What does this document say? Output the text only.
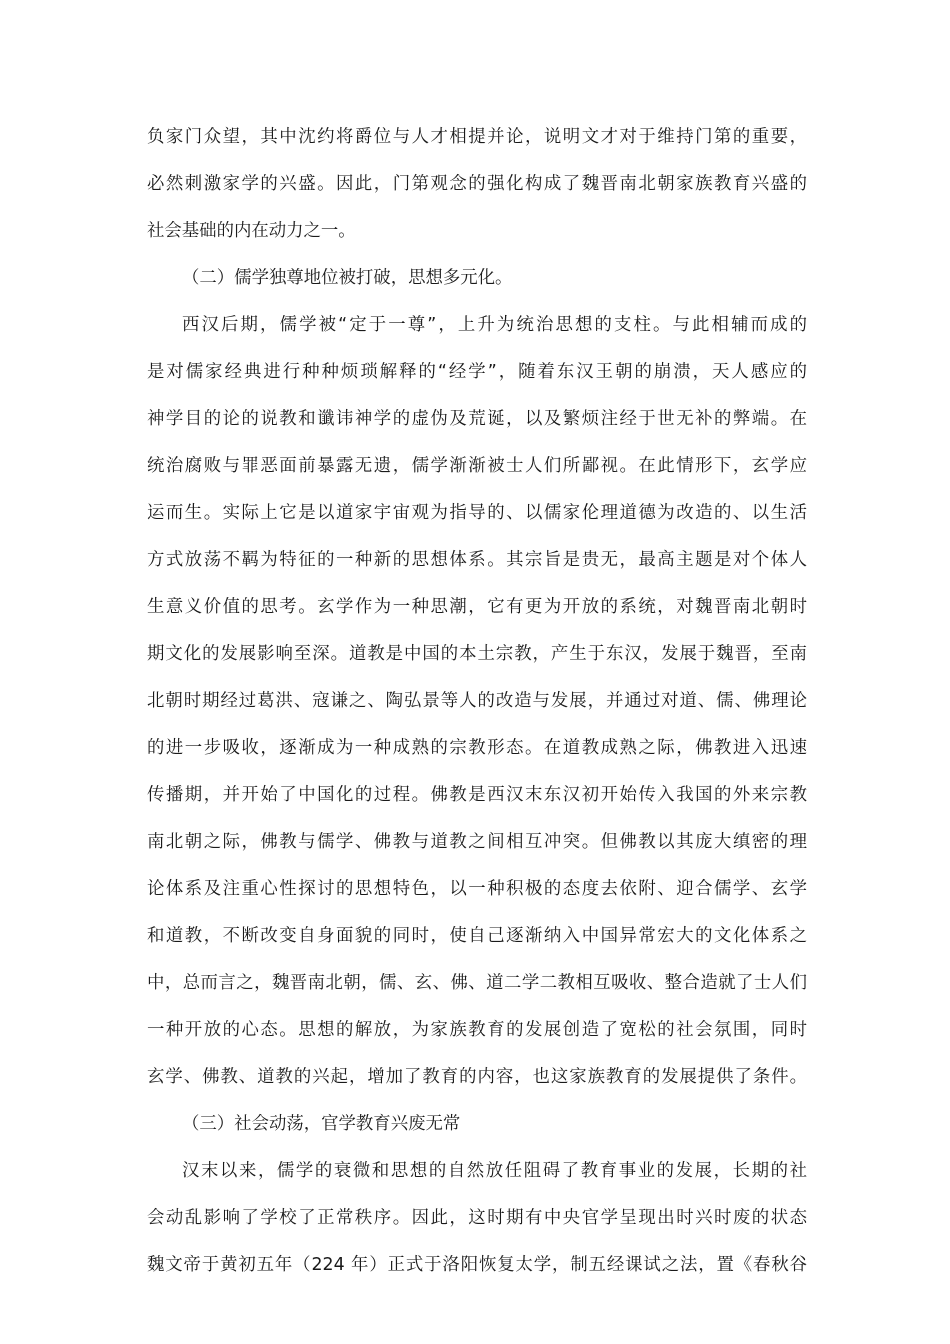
负家门众望，其中沈约将爵位与人才相提并论，说明文才对于维持门第的重要，
必然刺激家学的兴盛。因此，门第观念的强化构成了魏晋南北朝家族教育兴盛的
社会基础的内在动力之一。
（二）儒学独尊地位被打破，思想多元化。
西汉后期，儒学被“定于一尊”，上升为统治思想的支柱。与此相辅而成的
是对儒家经典进行种种烦琐解释的“经学”，随着东汉王朝的崩溃，天人感应的
神学目的论的说教和谶讳神学的虚伪及荒诞，以及繁烦注经于世无补的弊端。在
统治腐败与罪恶面前暴露无遗，儒学渐渐被士人们所鄙视。在此情形下，玄学应
运而生。实际上它是以道家宇宙观为指导的、以儒家伦理道德为改造的、以生活
方式放荡不羁为特征的一种新的思想体系。其宗旨是贵无，最高主题是对个体人
生意义价值的思考。玄学作为一种思潮，它有更为开放的系统，对魏晋南北朝时
期文化的发展影响至深。道教是中国的本土宗教，产生于东汉，发展于魏晋，至南
北朝时期经过葛洪、寇谦之、陶弘景等人的改造与发展，并通过对道、儒、佛理论
的进一步吸收，逐渐成为一种成熟的宗教形态。在道教成熟之际，佛教进入迅速
传播期，并开始了中国化的过程。佛教是西汉末东汉初开始传入我国的外来宗教
南北朝之际，佛教与儒学、佛教与道教之间相互冲突。但佛教以其庞大缜密的理
论体系及注重心性探讨的思想特色，以一种积极的态度去依附、迎合儒学、玄学
和道教，不断改变自身面貌的同时，使自己逐渐纳入中国异常宏大的文化体系之
中，总而言之，魏晋南北朝，儒、玄、佛、道二学二教相互吸收、整合造就了士人们
一种开放的心态。思想的解放，为家族教育的发展创造了宽松的社会氛围，同时
玄学、佛教、道教的兴起，增加了教育的内容，也这家族教育的发展提供了条件。
（三）社会动荡，官学教育兴废无常
汉末以来，儒学的衰微和思想的自然放任阻碍了教育事业的发展，长期的社
会动乱影响了学校了正常秩序。因此，这时期有中央官学呈现出时兴时废的状态
魏文帝于黄初五年（224 年）正式于洛阳恢复太学，制五经课试之法，置《春秋谷
